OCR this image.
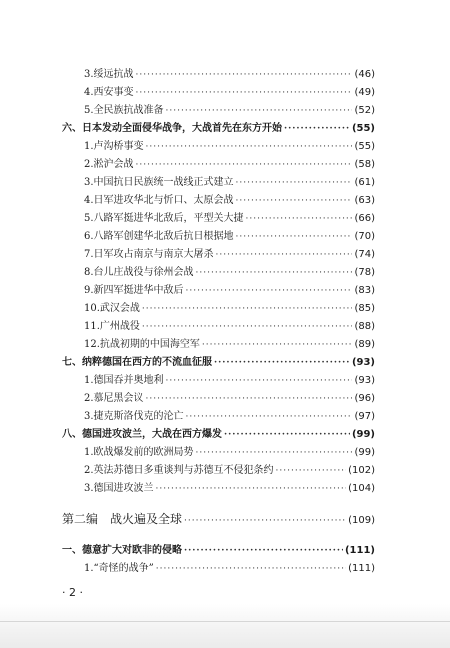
3.绥远抗战 ·····	(46)
4.西安事变 ·····	(49)
5.全民族抗战准备 ·····	(52)
六、日本发动全面侵华战争，大战首先在东方开始 ·····	(55)
1.卢沟桥事变 ·····	(55)
2.淞沪会战 ·····	(58)
3.中国抗日民族统一战线正式建立 ·····	(61)
4.日军进攻华北与忻口、太原会战 ·····	(63)
5.八路军挺进华北敌后，平型关大捷 ·····	(66)
6.八路军创建华北敌后抗日根据地 ·····	(70)
7.日军攻占南京与南京大屠杀 ·····	(74)
8.台儿庄战役与徐州会战 ·····	(78)
9.新四军挺进华中敌后 ·····	(83)
10.武汉会战 ·····	(85)
11.广州战役 ·····	(88)
12.抗战初期的中国海空军 ·····	(89)
七、纳粹德国在西方的不流血征服 ·····	(93)
1.德国吞并奥地利 ·····	(93)
2.慕尼黑会议 ·····	(96)
3.捷克斯洛伐克的沦亡 ·····	(97)
八、德国进攻波兰，大战在西方爆发 ·····	(99)
1.欧战爆发前的欧洲局势 ·····	(99)
2.英法苏德日多重谈判与苏德互不侵犯条约 ·····	(102)
3.德国进攻波兰 ·····	(104)
第二编　战火遍及全球 ·····	(109)
一、德意扩大对欧非的侵略 ·····	(111)
1.“奇怪的战争” ·····	(111)
· 2 ·
